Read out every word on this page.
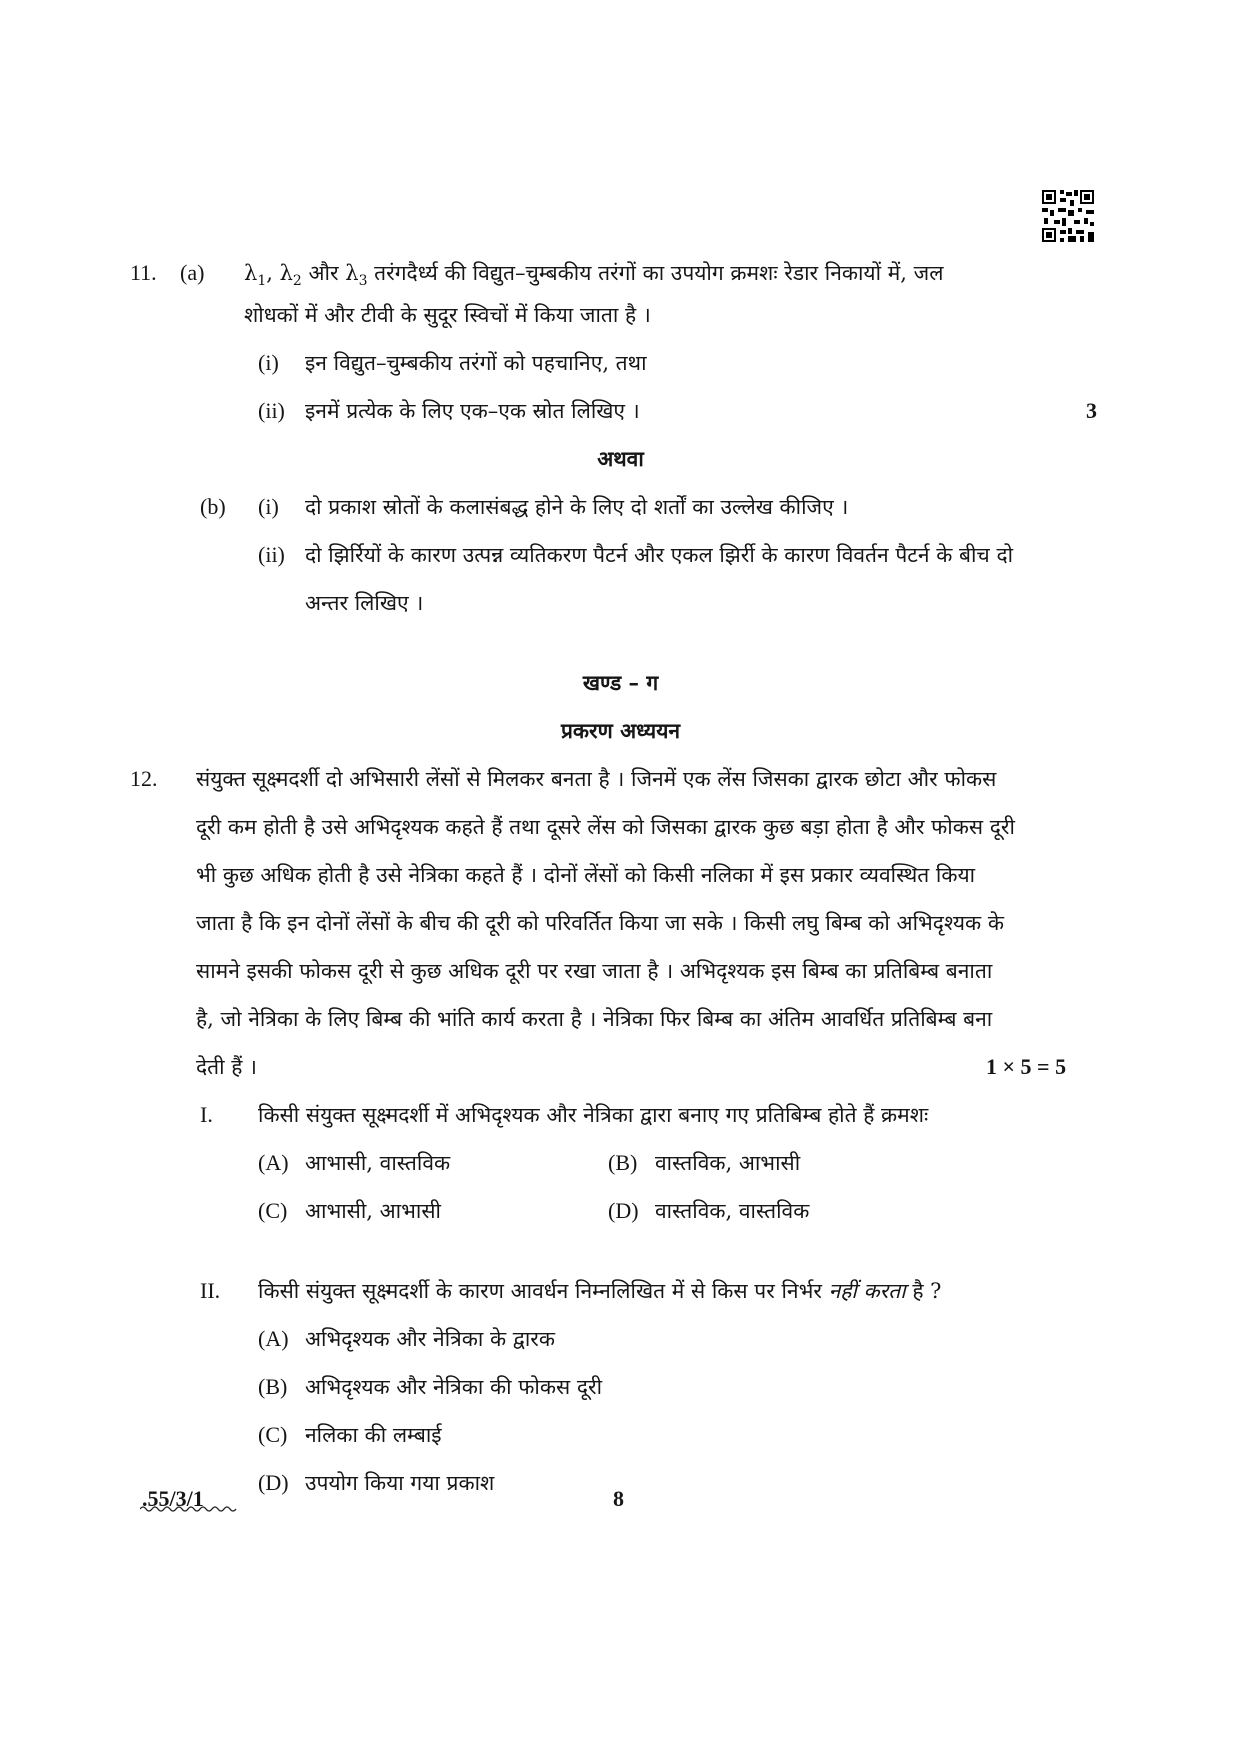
11. (a) $\lambda_1$, $\lambda_2$ और $\lambda_3$ तरंगदैर्ध्य की विद्युत–चुम्बकीय तरंगों का उपयोग क्रमशः रेडार निकायों में, जल
शोधकों में और टीवी के सुदूर स्विचों में किया जाता है ।
(i) इन विद्युत–चुम्बकीय तरंगों को पहचानिए, तथा
(ii) इनमें प्रत्येक के लिए एक–एक स्रोत लिखिए ।	3
अथवा
(b) (i) दो प्रकाश स्रोतों के कलासंबद्ध होने के लिए दो शर्तों का उल्लेख कीजिए ।
(ii) दो झिर्रियों के कारण उत्पन्न व्यतिकरण पैटर्न और एकल झिर्री के कारण विवर्तन पैटर्न के बीच दो
अन्तर लिखिए ।
खण्ड – ग
प्रकरण अध्ययन
12. संयुक्त सूक्ष्मदर्शी दो अभिसारी लेंसों से मिलकर बनता है । जिनमें एक लेंस जिसका द्वारक छोटा और फोकस
दूरी कम होती है उसे अभिदृश्यक कहते हैं तथा दूसरे लेंस को जिसका द्वारक कुछ बड़ा होता है और फोकस दूरी
भी कुछ अधिक होती है उसे नेत्रिका कहते हैं । दोनों लेंसों को किसी नलिका में इस प्रकार व्यवस्थित किया
जाता है कि इन दोनों लेंसों के बीच की दूरी को परिवर्तित किया जा सके । किसी लघु बिम्ब को अभिदृश्यक के
सामने इसकी फोकस दूरी से कुछ अधिक दूरी पर रखा जाता है । अभिदृश्यक इस बिम्ब का प्रतिबिम्ब बनाता
है, जो नेत्रिका के लिए बिम्ब की भांति कार्य करता है । नेत्रिका फिर बिम्ब का अंतिम आवर्धित प्रतिबिम्ब बना
देती हैं ।	1 × 5 = 5
I. किसी संयुक्त सूक्ष्मदर्शी में अभिदृश्यक और नेत्रिका द्वारा बनाए गए प्रतिबिम्ब होते हैं क्रमशः
(A) आभासी, वास्तविक	(B) वास्तविक, आभासी
(C) आभासी, आभासी	(D) वास्तविक, वास्तविक
II. किसी संयुक्त सूक्ष्मदर्शी के कारण आवर्धन निम्नलिखित में से किस पर निर्भर नहीं करता है ?
(A) अभिदृश्यक और नेत्रिका के द्वारक
(B) अभिदृश्यक और नेत्रिका की फोकस दूरी
(C) नलिका की लम्बाई
(D) उपयोग किया गया प्रकाश
.55/3/1	8
